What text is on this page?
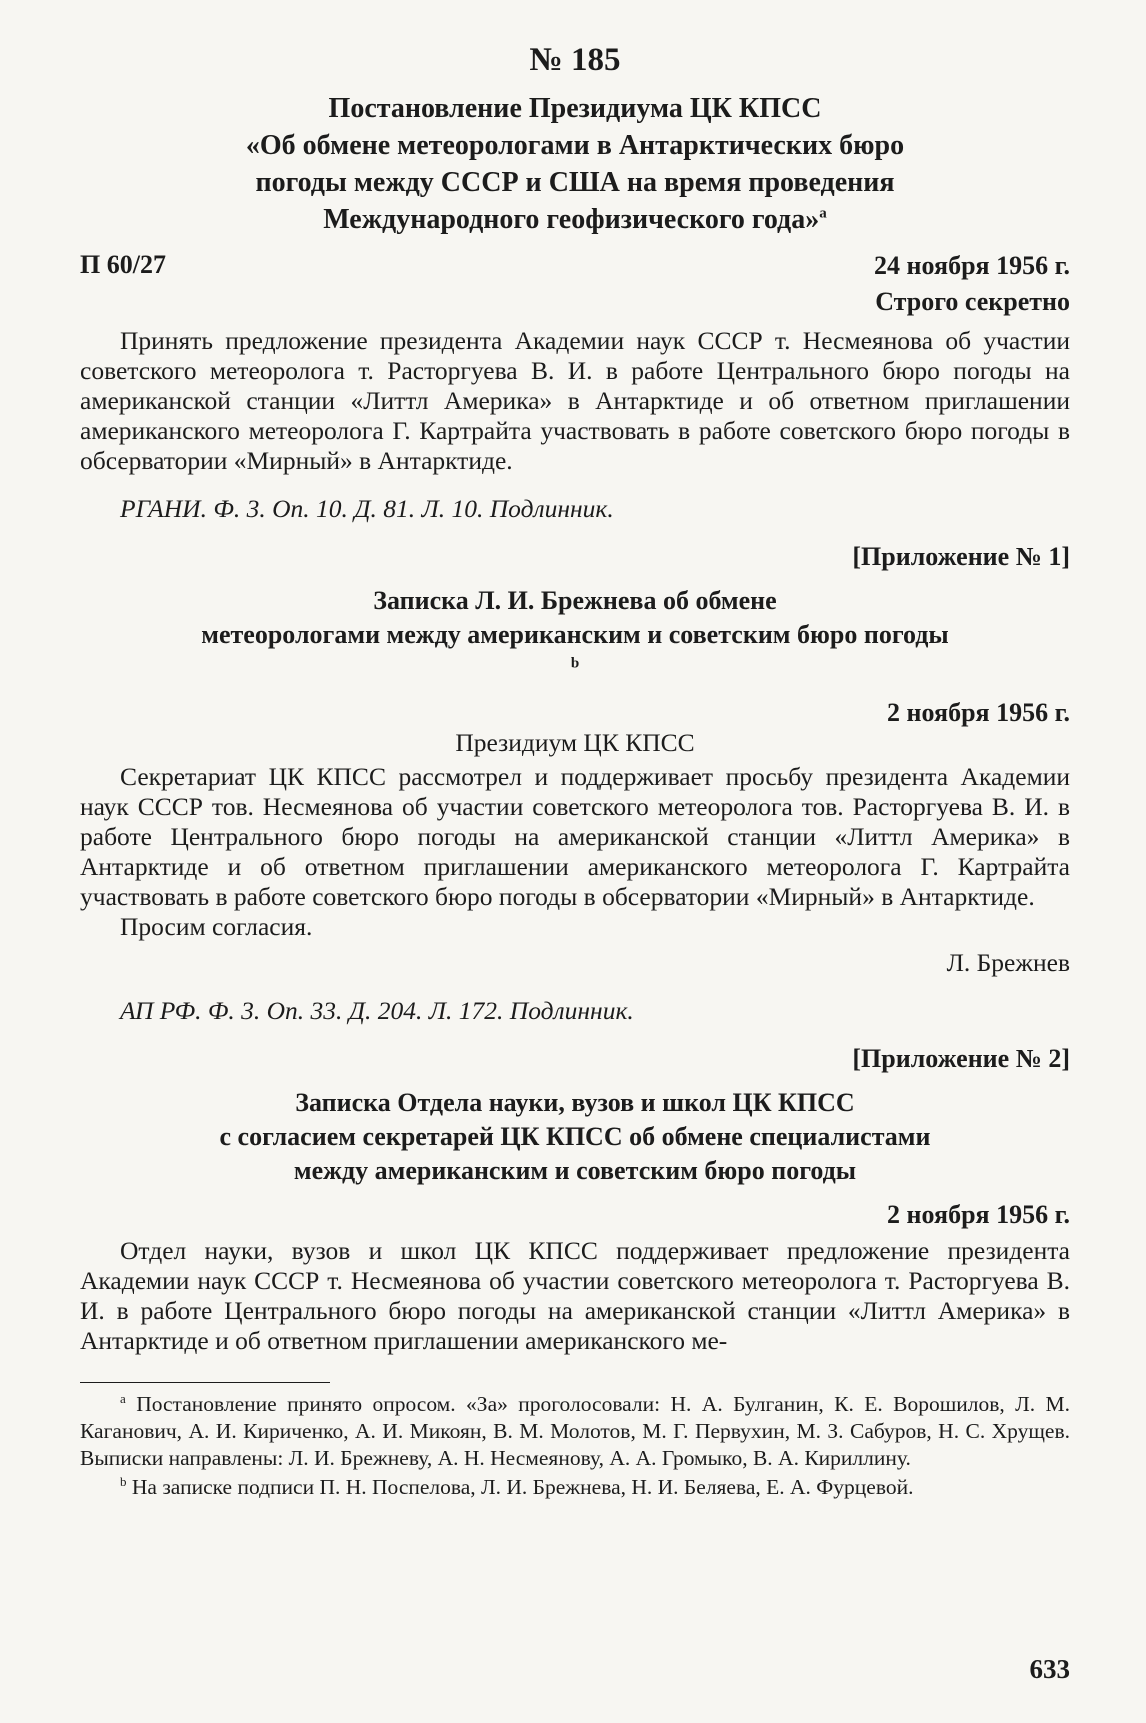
№ 185
Постановление Президиума ЦК КПСС
«Об обмене метеорологами в Антарктических бюро
погоды между СССР и США на время проведения
Международного геофизического года»$^a$
П 60/27	24 ноября 1956 г.
Строго секретно

Принять предложение президента Академии наук СССР т. Несмеянова об участии советского метеоролога т. Расторгуева В. И. в работе Центрального бюро погоды на американской станции «Литтл Америка» в Антарктиде и об ответном приглашении американского метеоролога Г. Картрайта участвовать в работе советского бюро погоды в обсерватории «Мирный» в Антарктиде.

РГАНИ. Ф. 3. Оп. 10. Д. 81. Л. 10. Подлинник.

[Приложение № 1]
Записка Л. И. Брежнева об обмене
метеорологами между американским и советским бюро погоды
$^b$
2 ноября 1956 г.
Президиум ЦК КПСС

Секретариат ЦК КПСС рассмотрел и поддерживает просьбу президента Академии наук СССР тов. Несмеянова об участии советского метеоролога тов. Расторгуева В. И. в работе Центрального бюро погоды на американской станции «Литтл Америка» в Антарктиде и об ответном приглашении американского метеоролога Г. Картрайта участвовать в работе советского бюро погоды в обсерватории «Мирный» в Антарктиде.

Просим согласия.

Л. Брежнев

АП РФ. Ф. 3. Оп. 33. Д. 204. Л. 172. Подлинник.

[Приложение № 2]
Записка Отдела науки, вузов и школ ЦК КПСС
с согласием секретарей ЦК КПСС об обмене специалистами
между американским и советским бюро погоды
2 ноября 1956 г.

Отдел науки, вузов и школ ЦК КПСС поддерживает предложение президента Академии наук СССР т. Несмеянова об участии советского метеоролога т. Расторгуева В. И. в работе Центрального бюро погоды на американской станции «Литтл Америка» в Антарктиде и об ответном приглашении американского ме-

$^a$ Постановление принято опросом. «За» проголосовали: Н. А. Булганин, К. Е. Ворошилов, Л. М. Каганович, А. И. Кириченко, А. И. Микоян, В. М. Молотов, М. Г. Первухин, М. З. Сабуров, Н. С. Хрущев. Выписки направлены: Л. И. Брежневу, А. Н. Несмеянову, А. А. Громыко, В. А. Кириллину.

$^b$ На записке подписи П. Н. Поспелова, Л. И. Брежнева, Н. И. Беляева, Е. А. Фурцевой.

633
